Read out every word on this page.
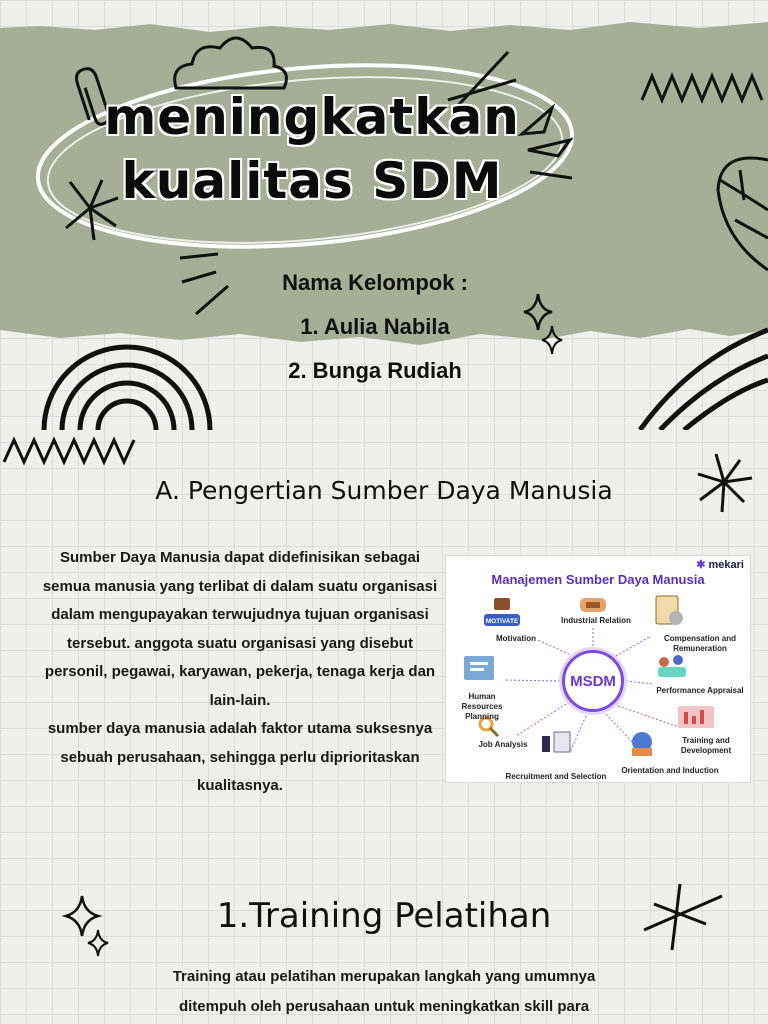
meningkatkan
kualitas SDM
Nama Kelompok :
1. Aulia Nabila
2. Bunga Rudiah
A. Pengertian Sumber Daya Manusia

Sumber Daya Manusia dapat didefinisikan sebagai semua manusia yang terlibat di dalam suatu organisasi dalam mengupayakan terwujudnya tujuan organisasi tersebut. anggota suatu organisasi yang disebut personil, pegawai, karyawan, pekerja, tenaga kerja dan lain-lain.

sumber daya manusia adalah faktor utama suksesnya sebuah perusahaan, sehingga perlu diprioritaskan kualitasnya.

✱ mekari
Manajemen Sumber Daya Manusia
MOTIVATE
MSDM
Motivation
Industrial Relation
Compensation and Remuneration
Performance Appraisal
Training and Development
Orientation and Induction
Recruitment and Selection
Job Analysis
Human Resources Planning
1.Training Pelatihan
Training atau pelatihan merupakan langkah yang umumnya
ditempuh oleh perusahaan untuk meningkatkan skill para
